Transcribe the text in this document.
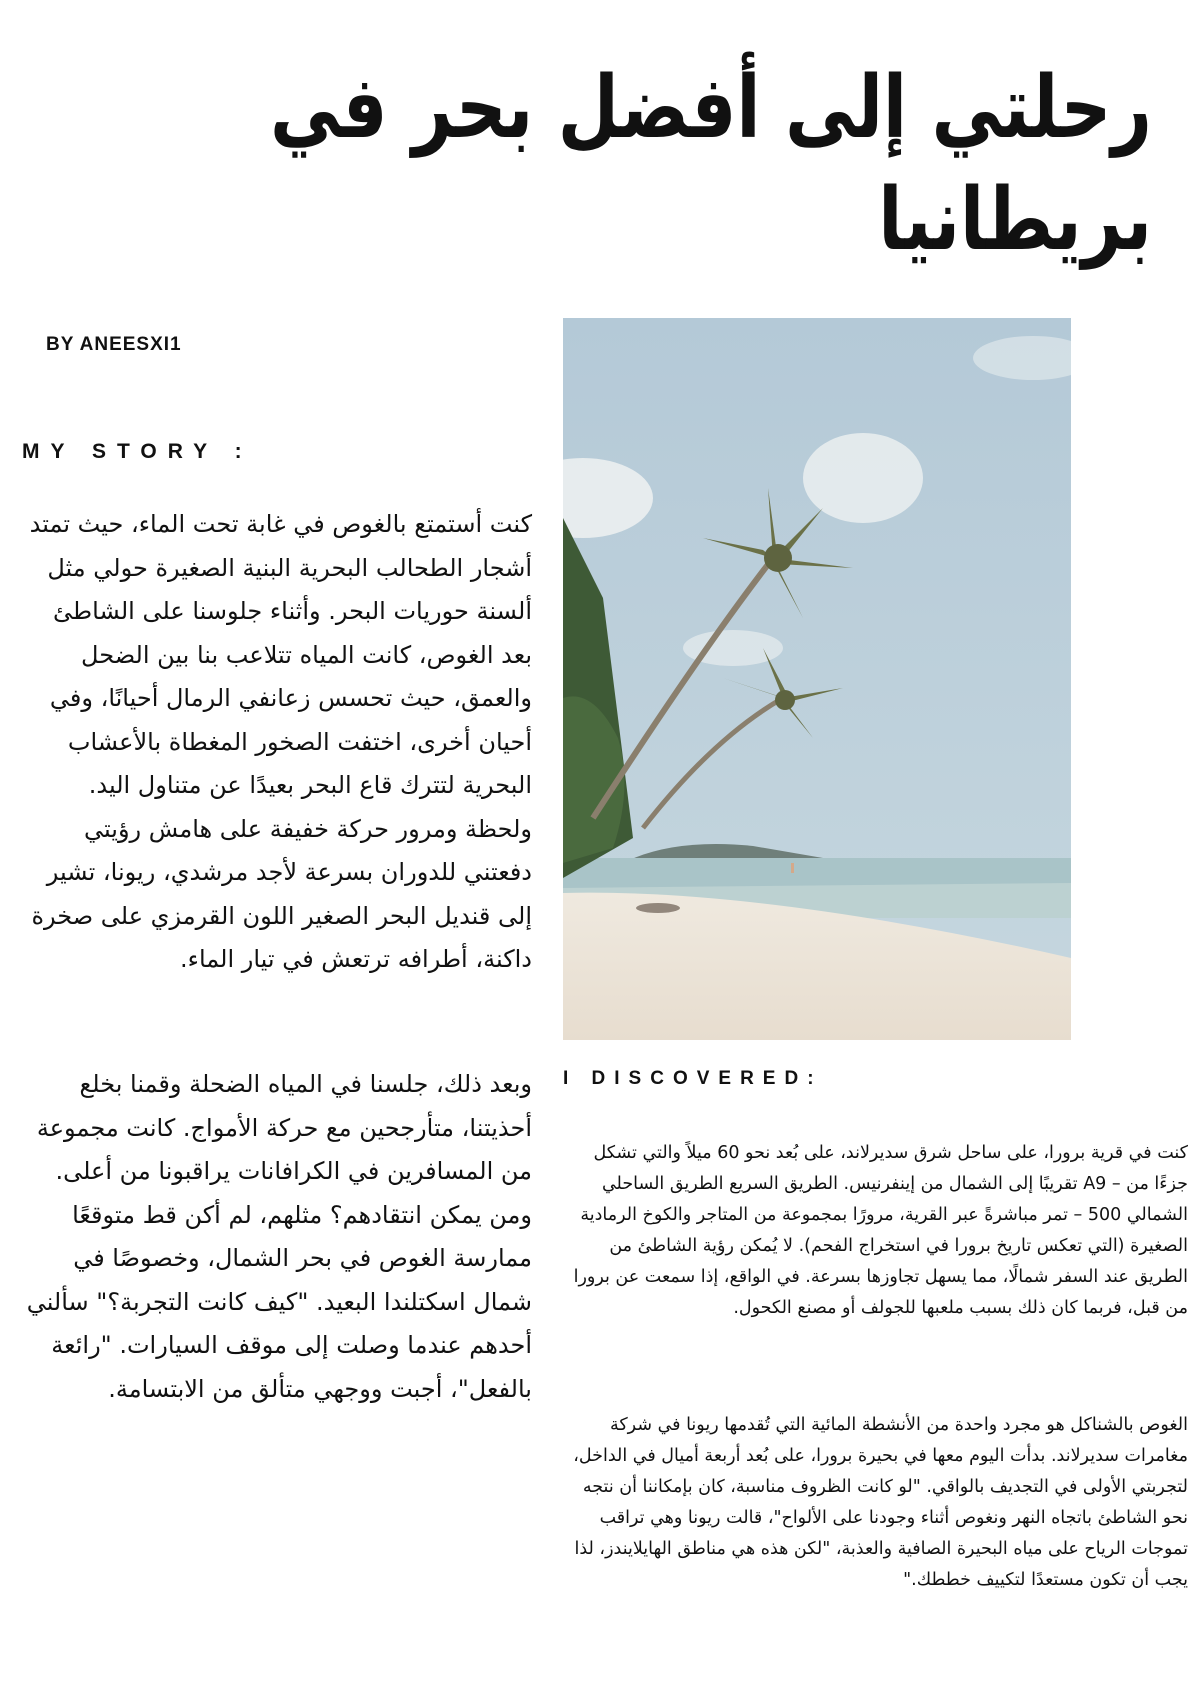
رحلتي إلى أفضل بحر في بريطانيا
BY ANEESXI1
MY STORY :

كنت أستمتع بالغوص في غابة تحت الماء، حيث تمتد أشجار الطحالب البحرية البنية الصغيرة حولي مثل ألسنة حوريات البحر. وأثناء جلوسنا على الشاطئ بعد الغوص، كانت المياه تتلاعب بنا بين الضحل والعمق، حيث تحسس زعانفي الرمال أحيانًا، وفي أحيان أخرى، اختفت الصخور المغطاة بالأعشاب البحرية لتترك قاع البحر بعيدًا عن متناول اليد. ولحظة ومرور حركة خفيفة على هامش رؤيتي دفعتني للدوران بسرعة لأجد مرشدي، ريونا، تشير إلى قنديل البحر الصغير اللون القرمزي على صخرة داكنة، أطرافه ترتعش في تيار الماء.

وبعد ذلك، جلسنا في المياه الضحلة وقمنا بخلع أحذيتنا، متأرجحين مع حركة الأمواج. كانت مجموعة من المسافرين في الكرافانات يراقبونا من أعلى. ومن يمكن انتقادهم؟ مثلهم، لم أكن قط متوقعًا ممارسة الغوص في بحر الشمال، وخصوصًا في شمال اسكتلندا البعيد. "كيف كانت التجربة؟" سألني أحدهم عندما وصلت إلى موقف السيارات. "رائعة بالفعل"، أجبت ووجهي متألق من الابتسامة.

I DISCOVERED:

كنت في قرية برورا، على ساحل شرق سديرلاند، على بُعد نحو 60 ميلاً والتي تشكل جزءًا من – A9 تقريبًا إلى الشمال من إينفرنيس. الطريق السريع الطريق الساحلي الشمالي 500 – تمر مباشرةً عبر القرية، مرورًا بمجموعة من المتاجر والكوخ الرمادية الصغيرة (التي تعكس تاريخ برورا في استخراج الفحم). لا يُمكن رؤية الشاطئ من الطريق عند السفر شمالًا، مما يسهل تجاوزها بسرعة. في الواقع، إذا سمعت عن برورا من قبل، فربما كان ذلك بسبب ملعبها للجولف أو مصنع الكحول.

الغوص بالشناكل هو مجرد واحدة من الأنشطة المائية التي تُقدمها ريونا في شركة مغامرات سديرلاند. بدأت اليوم معها في بحيرة برورا، على بُعد أربعة أميال في الداخل، لتجربتي الأولى في التجديف بالواقي. "لو كانت الظروف مناسبة، كان بإمكاننا أن نتجه نحو الشاطئ باتجاه النهر ونغوص أثناء وجودنا على الألواح"، قالت ريونا وهي تراقب تموجات الرياح على مياه البحيرة الصافية والعذبة، "لكن هذه هي مناطق الهايلايندز، لذا يجب أن تكون مستعدًا لتكييف خططك."
